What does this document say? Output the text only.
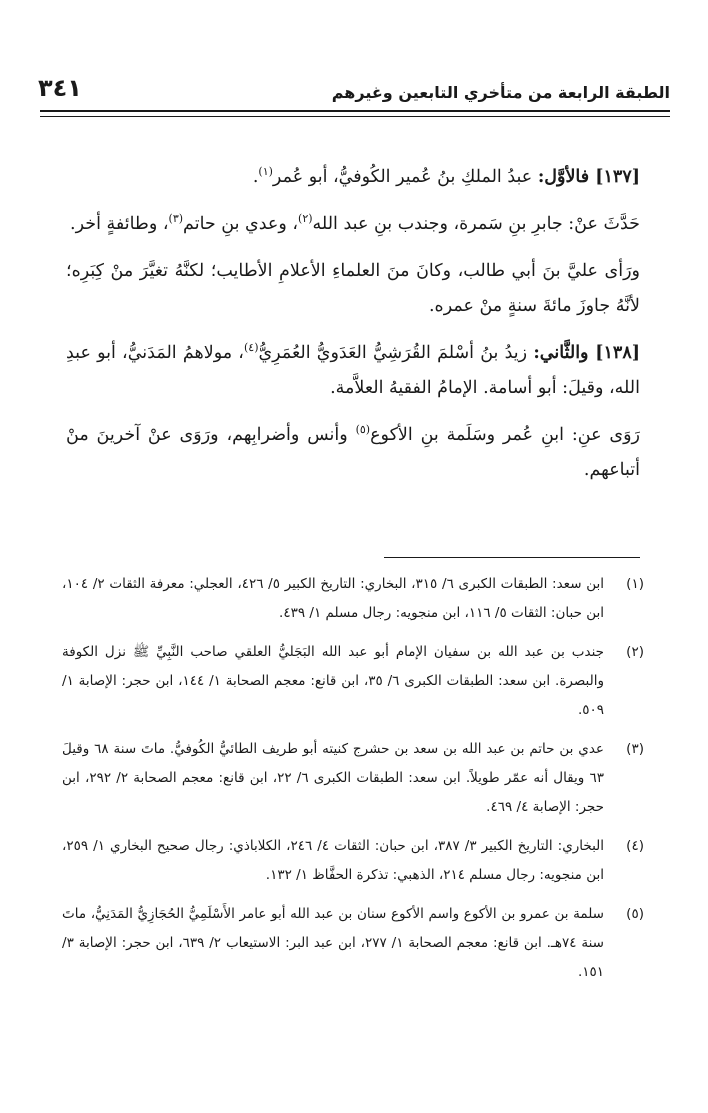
الطبقة الرابعة من متأخري التابعين وغيرهم
٣٤١

[١٣٧] فالأوَّل: عبدُ الملكِ بنُ عُمير الكُوفيُّ، أبو عُمر$^{(١)}$.

حَدَّثَ عنْ: جابرِ بنِ سَمرة، وجندب بنِ عبد الله$^{(٢)}$، وعدي بنِ حاتم$^{(٣)}$، وطائفةٍ أخر.

ورَأى عليَّ بنَ أبي طالب، وكانَ منَ العلماءِ الأعلامِ الأطايب؛ لكنَّهُ تغيَّرَ منْ كِبَرِه؛ لأنَّهُ جاوزَ مائةَ سنةٍ منْ عمره.

[١٣٨] والثَّاني: زيدُ بنُ أسْلمَ القُرَشِيُّ العَدَويُّ العُمَرِيُّ$^{(٤)}$، مولاهمُ المَدَنيُّ، أبو عبدِ الله، وقيلَ: أبو أسامة. الإمامُ الفقيهُ العلاَّمة.

رَوَى عنِ: ابنِ عُمر وسَلَمة بنِ الأكوع$^{(٥)}$ وأنس وأضرابِهم، ورَوَى عنْ آخرينَ منْ أتباعهم.

(١)
ابن سعد: الطبقات الكبرى ٦/ ٣١٥، البخاري: التاريخ الكبير ٥/ ٤٢٦، العجلي: معرفة الثقات ٢/ ١٠٤، ابن حبان: الثقات ٥/ ١١٦، ابن منجويه: رجال مسلم ١/ ٤٣٩.
(٢)
جندب بن عبد الله بن سفيان الإمام أبو عبد الله البَجَليُّ العلقي صاحب النَّبِيِّ ﷺ نزل الكوفة والبصرة. ابن سعد: الطبقات الكبرى ٦/ ٣٥، ابن قانع: معجم الصحابة ١/ ١٤٤، ابن حجر: الإصابة ١/ ٥٠٩.
(٣)
عدي بن حاتم بن عبد الله بن سعد بن حشرج كنيته أبو طريف الطائيُّ الكُوفيُّ. ماتَ سنة ٦٨ وقيلَ ٦٣ ويقال أنه عمّر طويلاً. ابن سعد: الطبقات الكبرى ٦/ ٢٢، ابن قانع: معجم الصحابة ٢/ ٢٩٢، ابن حجر: الإصابة ٤/ ٤٦٩.
(٤)
البخاري: التاريخ الكبير ٣/ ٣٨٧، ابن حبان: الثقات ٤/ ٢٤٦، الكلاباذي: رجال صحيح البخاري ١/ ٢٥٩، ابن منجويه: رجال مسلم ٢١٤، الذهبي: تذكرة الحفَّاظ ١/ ١٣٢.
(٥)
سلمة بن عمرو بن الأكوع واسم الأكوع سنان بن عبد الله أبو عامر الأَسْلَمِيُّ الحُجَازِيُّ المَدَنِيُّ، ماتَ سنة ٧٤هـ. ابن قانع: معجم الصحابة ١/ ٢٧٧، ابن عبد البر: الاستيعاب ٢/ ٦٣٩، ابن حجر: الإصابة ٣/ ١٥١.
